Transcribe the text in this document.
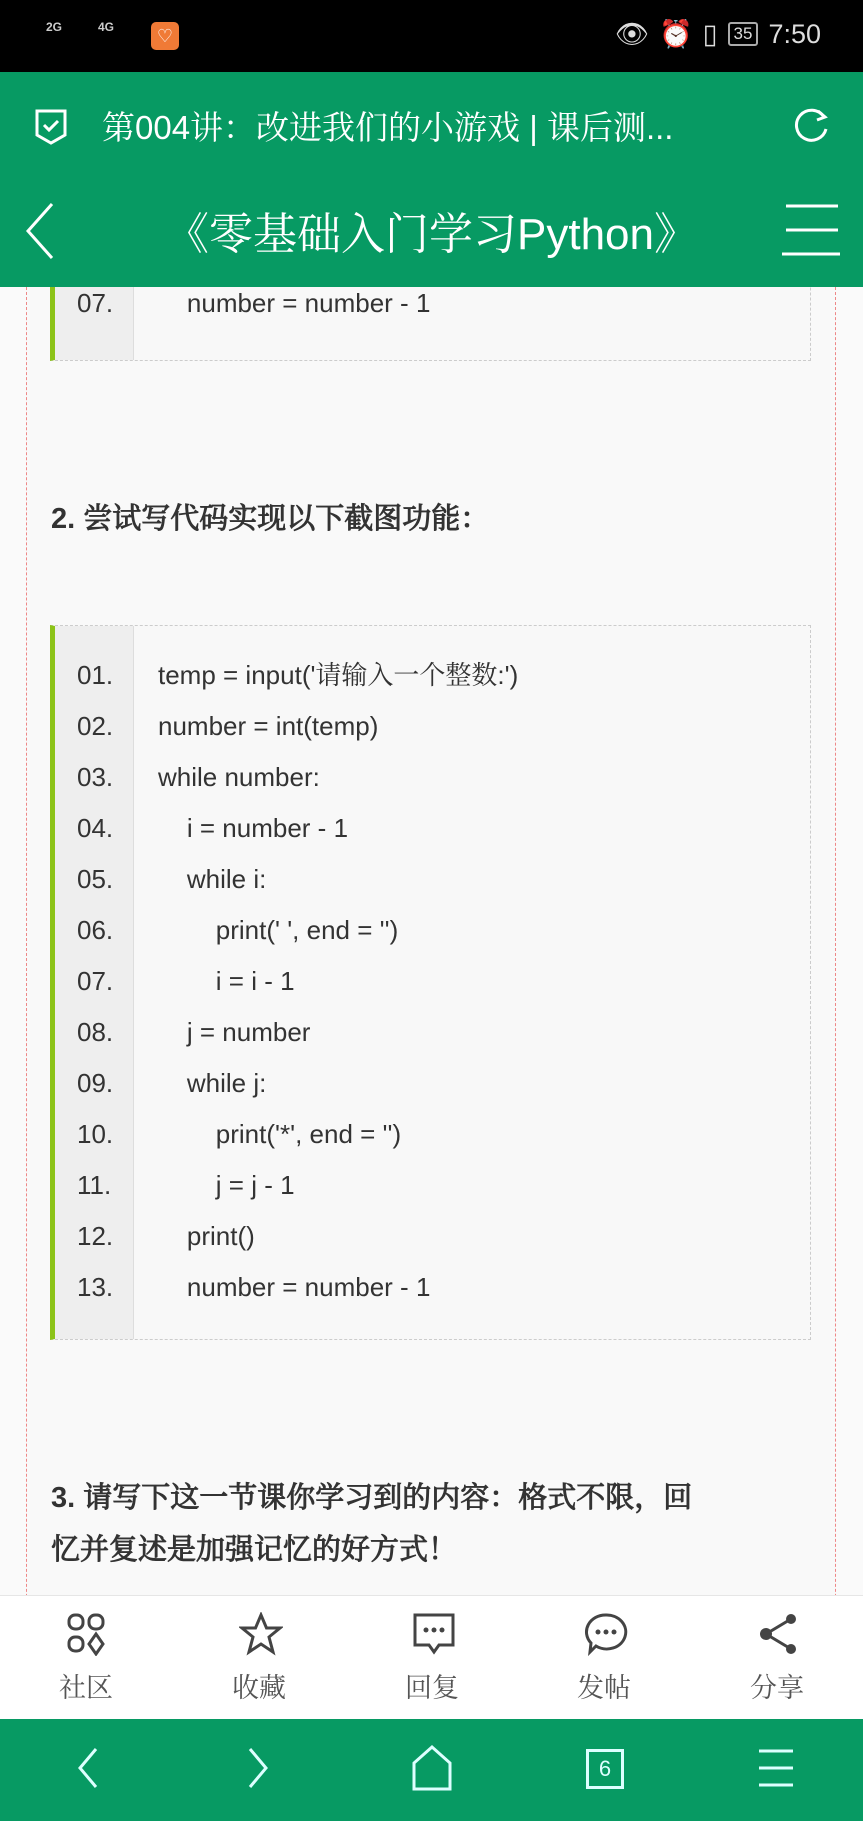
2G	4G	♡	👁 ⏰ ▯ 35 7:50
第004讲：改进我们的小游戏 | 课后测...
《零基础入门学习Python》
07.	number = number - 1
2. 尝试写代码实现以下截图功能：
01.	temp = input('请输入一个整数:')
02.	number = int(temp)
03.	while number:
04.	i = number - 1
05.	while i:
06.	print(' ', end = '')
07.	i = i - 1
08.	j = number
09.	while j:
10.	print('*', end = '')
11.	j = j - 1
12.	print()
13.	number = number - 1
3. 请写下这一节课你学习到的内容：格式不限，回
忆并复述是加强记忆的好方式！
社区	收藏	回复	发帖	分享
6
